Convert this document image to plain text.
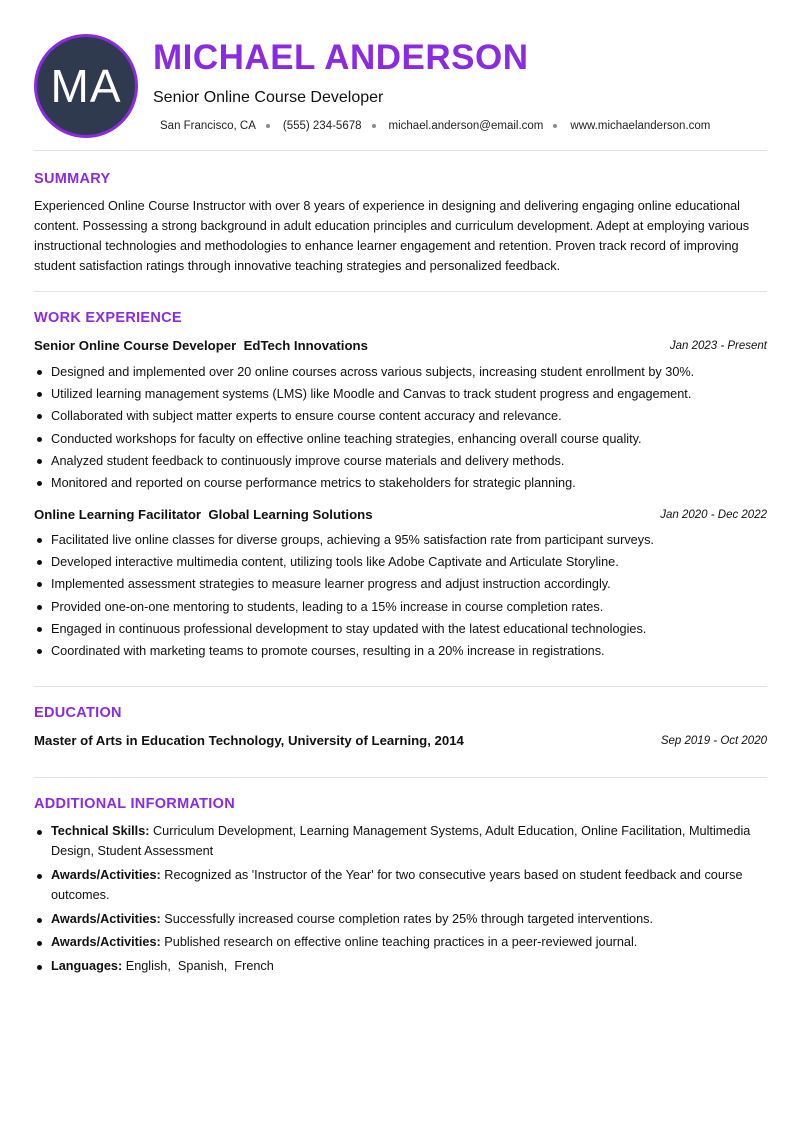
MA
MICHAEL ANDERSON
Senior Online Course Developer
San Francisco, CA (555) 234-5678 michael.anderson@email.com www.michaelanderson.com
SUMMARY
Experienced Online Course Instructor with over 8 years of experience in designing and delivering engaging online educational content. Possessing a strong background in adult education principles and curriculum development. Adept at employing various instructional technologies and methodologies to enhance learner engagement and retention. Proven track record of improving student satisfaction ratings through innovative teaching strategies and personalized feedback.
WORK EXPERIENCE
Senior Online Course Developer EdTech Innovations	Jan 2023 - Present
Designed and implemented over 20 online courses across various subjects, increasing student enrollment by 30%.
Utilized learning management systems (LMS) like Moodle and Canvas to track student progress and engagement.
Collaborated with subject matter experts to ensure course content accuracy and relevance.
Conducted workshops for faculty on effective online teaching strategies, enhancing overall course quality.
Analyzed student feedback to continuously improve course materials and delivery methods.
Monitored and reported on course performance metrics to stakeholders for strategic planning.
Online Learning Facilitator Global Learning Solutions	Jan 2020 - Dec 2022
Facilitated live online classes for diverse groups, achieving a 95% satisfaction rate from participant surveys.
Developed interactive multimedia content, utilizing tools like Adobe Captivate and Articulate Storyline.
Implemented assessment strategies to measure learner progress and adjust instruction accordingly.
Provided one-on-one mentoring to students, leading to a 15% increase in course completion rates.
Engaged in continuous professional development to stay updated with the latest educational technologies.
Coordinated with marketing teams to promote courses, resulting in a 20% increase in registrations.
EDUCATION
Master of Arts in Education Technology, University of Learning, 2014	Sep 2019 - Oct 2020
ADDITIONAL INFORMATION
Technical Skills: Curriculum Development, Learning Management Systems, Adult Education, Online Facilitation, Multimedia Design, Student Assessment
Awards/Activities: Recognized as 'Instructor of the Year' for two consecutive years based on student feedback and course outcomes.
Awards/Activities: Successfully increased course completion rates by 25% through targeted interventions.
Awards/Activities: Published research on effective online teaching practices in a peer-reviewed journal.
Languages: English,  Spanish,  French
